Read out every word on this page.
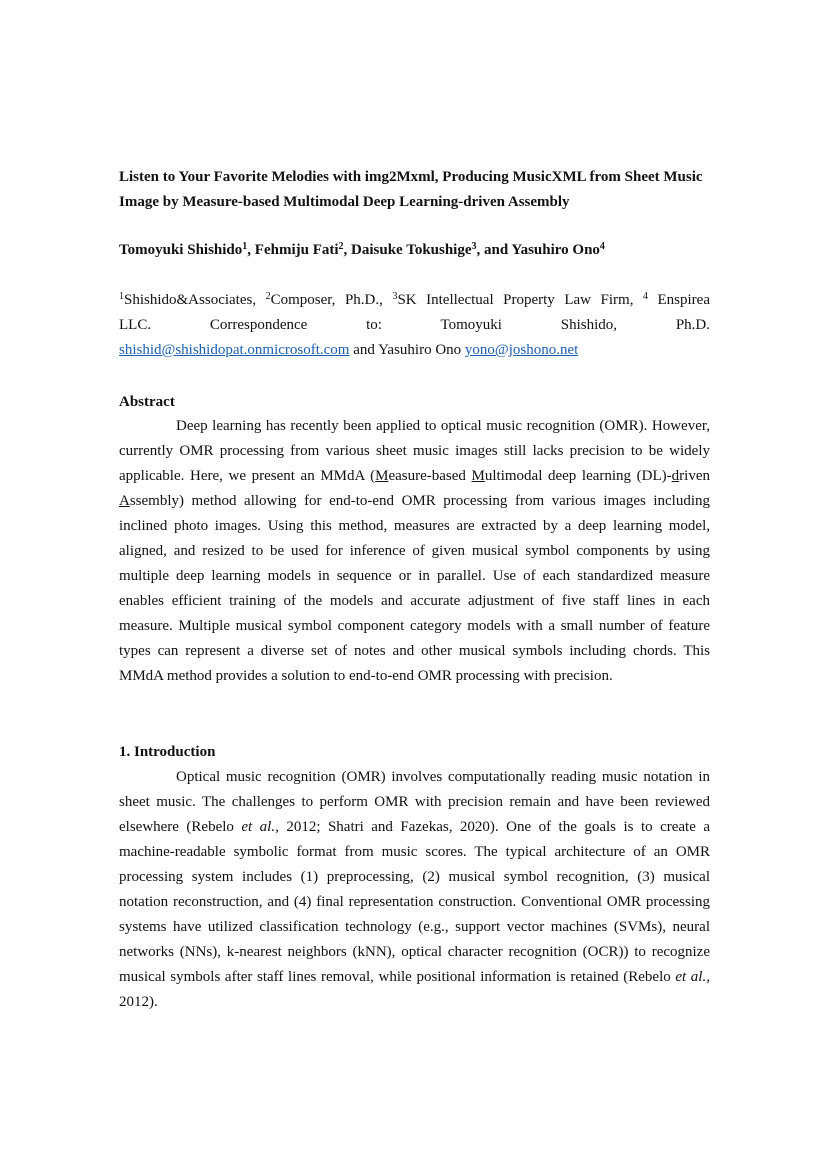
Listen to Your Favorite Melodies with img2Mxml, Producing MusicXML from Sheet Music Image by Measure-based Multimodal Deep Learning-driven Assembly
Tomoyuki Shishido$^1$, Fehmiju Fati$^2$, Daisuke Tokushige$^3$, and Yasuhiro Ono$^4$
$^1$Shishido&Associates, $^2$Composer, Ph.D., $^3$SK Intellectual Property Law Firm, $^4$ Enspirea
LLC. Correspondence to: Tomoyuki Shishido, Ph.D.
shishid@shishidopat.onmicrosoft.com and Yasuhiro Ono yono@joshono.net
Abstract

Deep learning has recently been applied to optical music recognition (OMR). However, currently OMR processing from various sheet music images still lacks precision to be widely applicable. Here, we present an MMdA (Measure-based Multimodal deep learning (DL)-driven Assembly) method allowing for end-to-end OMR processing from various images including inclined photo images. Using this method, measures are extracted by a deep learning model, aligned, and resized to be used for inference of given musical symbol components by using multiple deep learning models in sequence or in parallel. Use of each standardized measure enables efficient training of the models and accurate adjustment of five staff lines in each measure. Multiple musical symbol component category models with a small number of feature types can represent a diverse set of notes and other musical symbols including chords. This MMdA method provides a solution to end-to-end OMR processing with precision.

1. Introduction

Optical music recognition (OMR) involves computationally reading music notation in sheet music. The challenges to perform OMR with precision remain and have been reviewed elsewhere (Rebelo et al., 2012; Shatri and Fazekas, 2020). One of the goals is to create a machine-readable symbolic format from music scores. The typical architecture of an OMR processing system includes (1) preprocessing, (2) musical symbol recognition, (3) musical notation reconstruction, and (4) final representation construction. Conventional OMR processing systems have utilized classification technology (e.g., support vector machines (SVMs), neural networks (NNs), k-nearest neighbors (kNN), optical character recognition (OCR)) to recognize musical symbols after staff lines removal, while positional information is retained (Rebelo et al., 2012).
